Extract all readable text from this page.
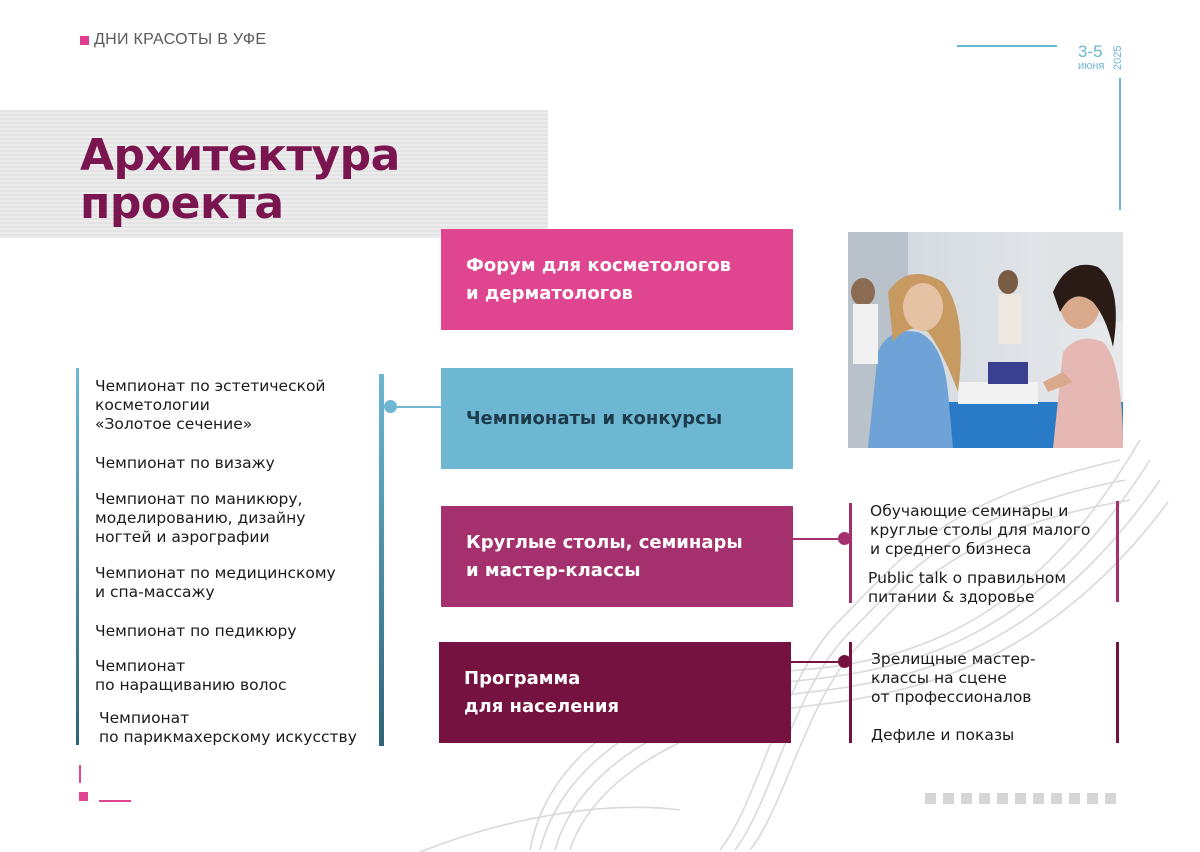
ДНИ КРАСОТЫ В УФЕ
3-5
июня 2025
Архитектура
проекта
Форум для косметологов
и дерматологов
Чемпионаты и конкурсы
Круглые столы, семинары
и мастер-классы
Программа
для населения
Чемпионат по эстетической
косметологии
«Золотое сечение»
Чемпионат по визажу
Чемпионат по маникюру,
моделированию, дизайну
ногтей и аэрографии
Чемпионат по медицинскому
и спа-массажу
Чемпионат по педикюру
Чемпионат
по наращиванию волос
Чемпионат
по парикмахерскому искусству
Обучающие семинары и
круглые столы для малого
и среднего бизнеса
Public talk о правильном
питании & здоровье
Зрелищные мастер-
классы на сцене
от профессионалов
Дефиле и показы
